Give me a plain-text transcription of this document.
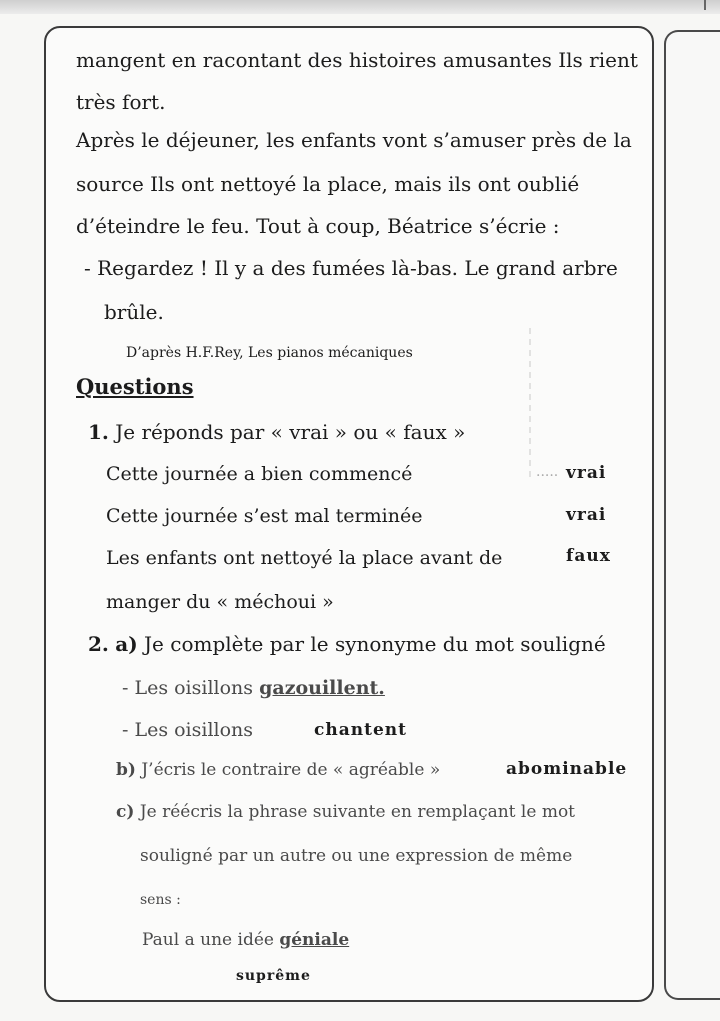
mangent en racontant des histoires amusantes Ils rient
très fort.
Après le déjeuner, les enfants vont s’amuser près de la
source Ils ont nettoyé la place, mais ils ont oublié
d’éteindre le feu. Tout à coup, Béatrice s’écrie :
- Regardez ! Il y a des fumées là-bas. Le grand arbre
brûle.
D’après H.F.Rey, Les pianos mécaniques
Questions
1. Je réponds par « vrai » ou « faux »
Cette journée a bien commencé	..... vrai
Cette journée s’est mal terminée	vrai
Les enfants ont nettoyé la place avant de	faux
manger du « méchoui »
2. a) Je complète par le synonyme du mot souligné
- Les oisillons gazouillent.
- Les oisillons	chantent
b) J’écris le contraire de « agréable »	abominable
c) Je réécris la phrase suivante en remplaçant le mot
souligné par un autre ou une expression de même
sens :
Paul a une idée géniale
suprême
